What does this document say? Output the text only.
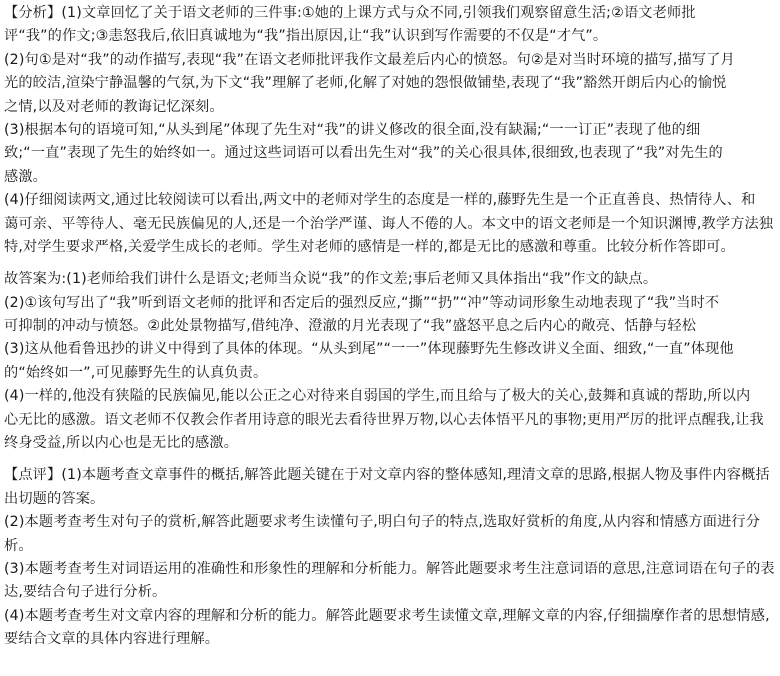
【分析】(1)文章回忆了关于语文老师的三件事:①她的上课方式与众不同,引领我们观察留意生活;②语文老师批
评“我”的作文;③恚怒我后,依旧真诚地为“我”指出原因,让“我”认识到写作需要的不仅是“才气”。
(2)句①是对“我”的动作描写,表现“我”在语文老师批评我作文最差后内心的愤怒。句②是对当时环境的描写,描写了月
光的皎洁,渲染宁静温馨的气氛,为下文“我”理解了老师,化解了对她的怨恨做铺垫,表现了“我”豁然开朗后内心的愉悦
之情,以及对老师的教诲记忆深刻。
(3)根据本句的语境可知,“从头到尾”体现了先生对“我”的讲义修改的很全面,没有缺漏;“一一订正”表现了他的细
致;“一直”表现了先生的始终如一。通过这些词语可以看出先生对“我”的关心很具体,很细致,也表现了“我”对先生的
感激。
(4)仔细阅读两文,通过比较阅读可以看出,两文中的老师对学生的态度是一样的,藤野先生是一个正直善良、热情待人、和
蔼可亲、平等待人、毫无民族偏见的人,还是一个治学严谨、诲人不倦的人。本文中的语文老师是一个知识渊博,教学方法独
特,对学生要求严格,关爱学生成长的老师。学生对老师的感情是一样的,都是无比的感激和尊重。比较分析作答即可。
故答案为:(1)老师给我们讲什么是语文;老师当众说“我”的作文差;事后老师又具体指出“我”作文的缺点。
(2)①该句写出了“我”听到语文老师的批评和否定后的强烈反应,“撕”“扔”“冲”等动词形象生动地表现了“我”当时不
可抑制的冲动与愤怒。②此处景物描写,借纯净、澄澈的月光表现了“我”盛怒平息之后内心的敞亮、恬静与轻松
(3)这从他看鲁迅抄的讲义中得到了具体的体现。“从头到尾”“一一”体现藤野先生修改讲义全面、细致,“一直”体现他
的“始终如一”,可见藤野先生的认真负责。
(4)一样的,他没有狭隘的民族偏见,能以公正之心对待来自弱国的学生,而且给与了极大的关心,鼓舞和真诚的帮助,所以内
心无比的感激。语文老师不仅教会作者用诗意的眼光去看待世界万物,以心去体悟平凡的事物;更用严厉的批评点醒我,让我
终身受益,所以内心也是无比的感激。
【点评】(1)本题考查文章事件的概括,解答此题关键在于对文章内容的整体感知,理清文章的思路,根据人物及事件内容概括
出切题的答案。
(2)本题考查考生对句子的赏析,解答此题要求考生读懂句子,明白句子的特点,选取好赏析的角度,从内容和情感方面进行分
析。
(3)本题考查考生对词语运用的准确性和形象性的理解和分析能力。解答此题要求考生注意词语的意思,注意词语在句子的表
达,要结合句子进行分析。
(4)本题考查考生对文章内容的理解和分析的能力。解答此题要求考生读懂文章,理解文章的内容,仔细揣摩作者的思想情感,
要结合文章的具体内容进行理解。
